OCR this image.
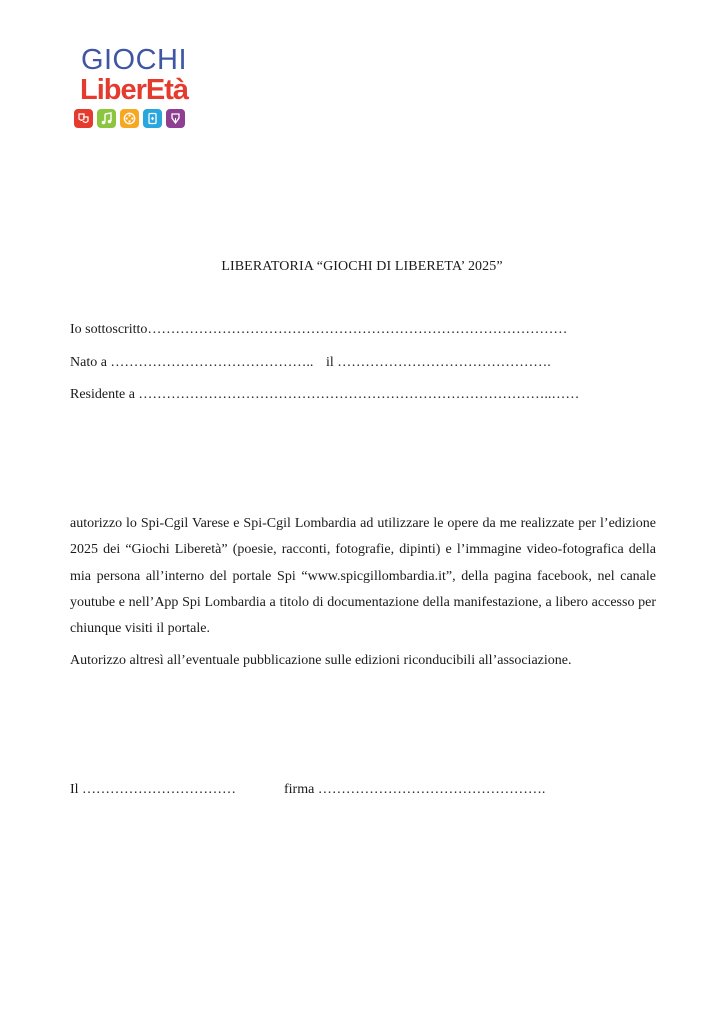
GIOCHI
LiberEtà
LIBERATORIA “GIOCHI DI LIBERETA’ 2025”
Io sottoscritto………………………………………………………………………………
Nato a …………………………………….. il ……………………………………….
Residente a ……………………………………………………………………………..……

autorizzo lo Spi-Cgil Varese e Spi-Cgil Lombardia ad utilizzare le opere da me realizzate per l’edizione 2025 dei “Giochi Liberetà” (poesie, racconti, fotografie, dipinti) e l’immagine video-fotografica della mia persona all’interno del portale Spi “www.spicgillombardia.it”, della pagina facebook, nel canale youtube e nell’App Spi Lombardia a titolo di documentazione della manifestazione, a libero accesso per chiunque visiti il portale.

Autorizzo altresì all’eventuale pubblicazione sulle edizioni riconducibili all’associazione.

Il ……………………………	firma ………………………………………….
